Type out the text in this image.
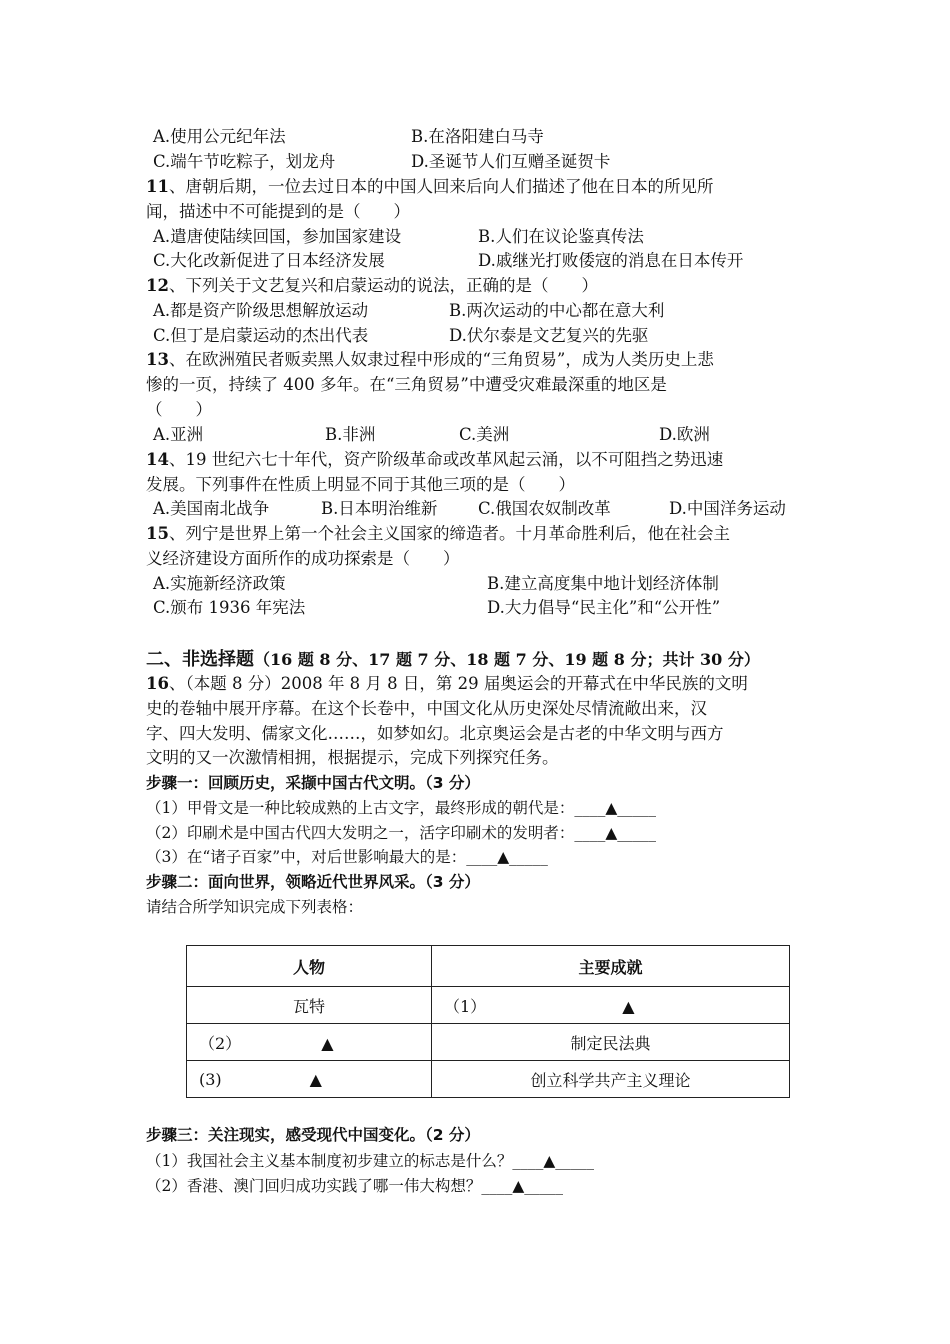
A.使用公元纪年法	B.在洛阳建白马寺
C.端午节吃粽子，划龙舟	D.圣诞节人们互赠圣诞贺卡
11、唐朝后期，一位去过日本的中国人回来后向人们描述了他在日本的所见所
闻，描述中不可能提到的是（　　）
A.遣唐使陆续回国，参加国家建设	B.人们在议论鉴真传法
C.大化改新促进了日本经济发展	D.戚继光打败倭寇的消息在日本传开
12、下列关于文艺复兴和启蒙运动的说法，正确的是（　　）
A.都是资产阶级思想解放运动	B.两次运动的中心都在意大利
C.但丁是启蒙运动的杰出代表	D.伏尔泰是文艺复兴的先驱
13、在欧洲殖民者贩卖黑人奴隶过程中形成的“三角贸易”，成为人类历史上悲
惨的一页，持续了 400 多年。在“三角贸易”中遭受灾难最深重的地区是
（　　）
A.亚洲	B.非洲	C.美洲	D.欧洲
14、19 世纪六七十年代，资产阶级革命或改革风起云涌，以不可阻挡之势迅速
发展。下列事件在性质上明显不同于其他三项的是（　　）
A.美国南北战争	B.日本明治维新 C.俄国农奴制改革	D.中国洋务运动
15、列宁是世界上第一个社会主义国家的缔造者。十月革命胜利后，他在社会主
义经济建设方面所作的成功探索是（　　）
A.实施新经济政策	B.建立高度集中地计划经济体制
C.颁布 1936 年宪法	D.大力倡导“民主化”和“公开性”
二、非选择题（16 题 8 分、17 题 7 分、18 题 7 分、19 题 8 分；共计 30 分）
16、（本题 8 分）2008 年 8 月 8 日，第 29 届奥运会的开幕式在中华民族的文明
史的卷轴中展开序幕。在这个长卷中，中国文化从历史深处尽情流敞出来，汉
字、四大发明、儒家文化……，如梦如幻。北京奥运会是古老的中华文明与西方
文明的又一次激情相拥，根据提示，完成下列探究任务。
步骤一：回顾历史，采撷中国古代文明。（3 分）
（1）甲骨文是一种比较成熟的上古文字，最终形成的朝代是：____▲_____
（2）印刷术是中国古代四大发明之一，活字印刷术的发明者：____▲_____
（3）在“诸子百家”中，对后世影响最大的是：____▲_____
步骤二：面向世界，领略近代世界风采。（3 分）
请结合所学知识完成下列表格：
人物	主要成就
瓦特	（1） ▲
（2） ▲	制定民法典
(3) ▲	创立科学共产主义理论
步骤三：关注现实，感受现代中国变化。（2 分）
（1）我国社会主义基本制度初步建立的标志是什么？____▲_____
（2）香港、澳门回归成功实践了哪一伟大构想？____▲_____
